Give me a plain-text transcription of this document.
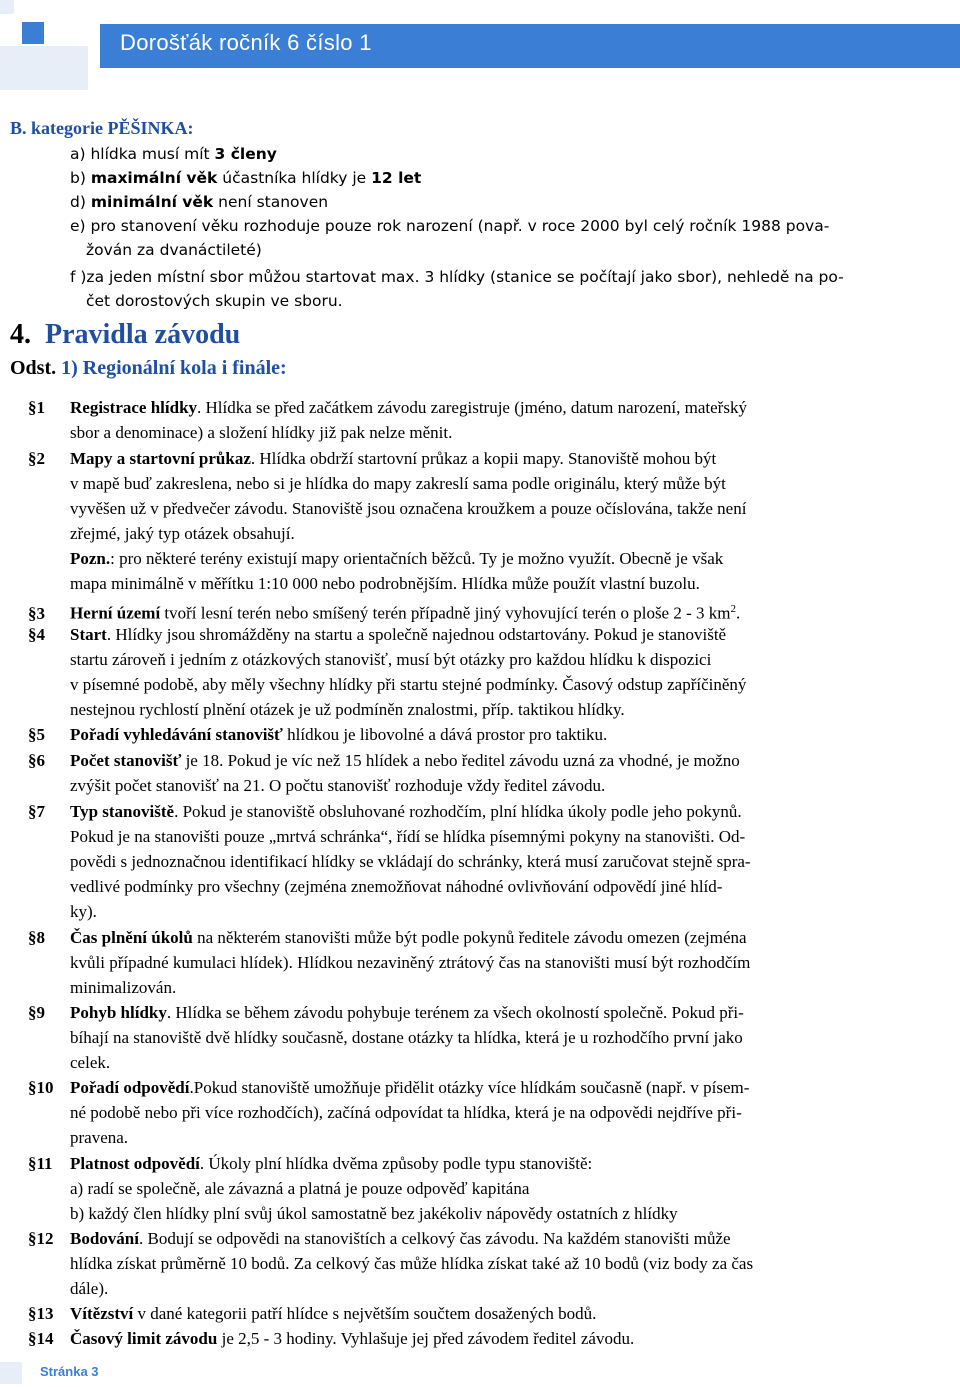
Dorošťák ročník 6 číslo 1
B. kategorie PĚŠINKA:
a) hlídka musí mít 3 členy
b) maximální věk účastníka hlídky je 12 let
d) minimální věk není stanoven
e) pro stanovení věku rozhoduje pouze rok narození (např. v roce 2000 byl celý ročník 1988 pova-
žován za dvanáctileté)
f )za jeden místní sbor můžou startovat max. 3 hlídky (stanice se počítají jako sbor), nehledě na po-
čet dorostových skupin ve sboru.
4. Pravidla závodu
Odst. 1) Regionální kola i finále:
§1 Registrace hlídky. Hlídka se před začátkem závodu zaregistruje (jméno, datum narození, mateřský
sbor a denominace) a složení hlídky již pak nelze měnit.
§2 Mapy a startovní průkaz. Hlídka obdrží startovní průkaz a kopii mapy. Stanoviště mohou být
v mapě buď zakreslena, nebo si je hlídka do mapy zakreslí sama podle originálu, který může být
vyvěšen už v předvečer závodu. Stanoviště jsou označena kroužkem a pouze očíslována, takže není
zřejmé, jaký typ otázek obsahují.
Pozn.: pro některé terény existují mapy orientačních běžců. Ty je možno využít. Obecně je však
mapa minimálně v měřítku 1:10 000 nebo podrobnějším. Hlídka může použít vlastní buzolu.
§3 Herní území tvoří lesní terén nebo smíšený terén případně jiný vyhovující terén o ploše 2 - 3 $km^2$.
§4 Start. Hlídky jsou shromážděny na startu a společně najednou odstartovány. Pokud je stanoviště
startu zároveň i jedním z otázkových stanovišť, musí být otázky pro každou hlídku k dispozici
v písemné podobě, aby měly všechny hlídky při startu stejné podmínky. Časový odstup zapříčiněný
nestejnou rychlostí plnění otázek je už podmíněn znalostmi, příp. taktikou hlídky.
§5 Pořadí vyhledávání stanovišť hlídkou je libovolné a dává prostor pro taktiku.
§6 Počet stanovišť je 18. Pokud je víc než 15 hlídek a nebo ředitel závodu uzná za vhodné, je možno
zvýšit počet stanovišť na 21. O počtu stanovišť rozhoduje vždy ředitel závodu.
§7 Typ stanoviště. Pokud je stanoviště obsluhované rozhodčím, plní hlídka úkoly podle jeho pokynů.
Pokud je na stanovišti pouze „mrtvá schránka“, řídí se hlídka písemnými pokyny na stanovišti. Od-
povědi s jednoznačnou identifikací hlídky se vkládají do schránky, která musí zaručovat stejně spra-
vedlivé podmínky pro všechny (zejména znemožňovat náhodné ovlivňování odpovědí jiné hlíd-
ky).
§8 Čas plnění úkolů na některém stanovišti může být podle pokynů ředitele závodu omezen (zejména
kvůli případné kumulaci hlídek). Hlídkou nezaviněný ztrátový čas na stanovišti musí být rozhodčím
minimalizován.
§9 Pohyb hlídky. Hlídka se během závodu pohybuje terénem za všech okolností společně. Pokud při-
bíhají na stanoviště dvě hlídky současně, dostane otázky ta hlídka, která je u rozhodčího první jako
celek.
§10 Pořadí odpovědí.Pokud stanoviště umožňuje přidělit otázky více hlídkám současně (např. v písem-
né podobě nebo při více rozhodčích), začíná odpovídat ta hlídka, která je na odpovědi nejdříve při-
pravena.
§11 Platnost odpovědí. Úkoly plní hlídka dvěma způsoby podle typu stanoviště:
a) radí se společně, ale závazná a platná je pouze odpověď kapitána
b) každý člen hlídky plní svůj úkol samostatně bez jakékoliv nápovědy ostatních z hlídky
§12 Bodování. Bodují se odpovědi na stanovištích a celkový čas závodu. Na každém stanovišti může
hlídka získat průměrně 10 bodů. Za celkový čas může hlídka získat také až 10 bodů (viz body za čas
dále).
§13 Vítězství v dané kategorii patří hlídce s největším součtem dosažených bodů.
§14 Časový limit závodu je 2,5 - 3 hodiny. Vyhlašuje jej před závodem ředitel závodu.
Stránka 3
